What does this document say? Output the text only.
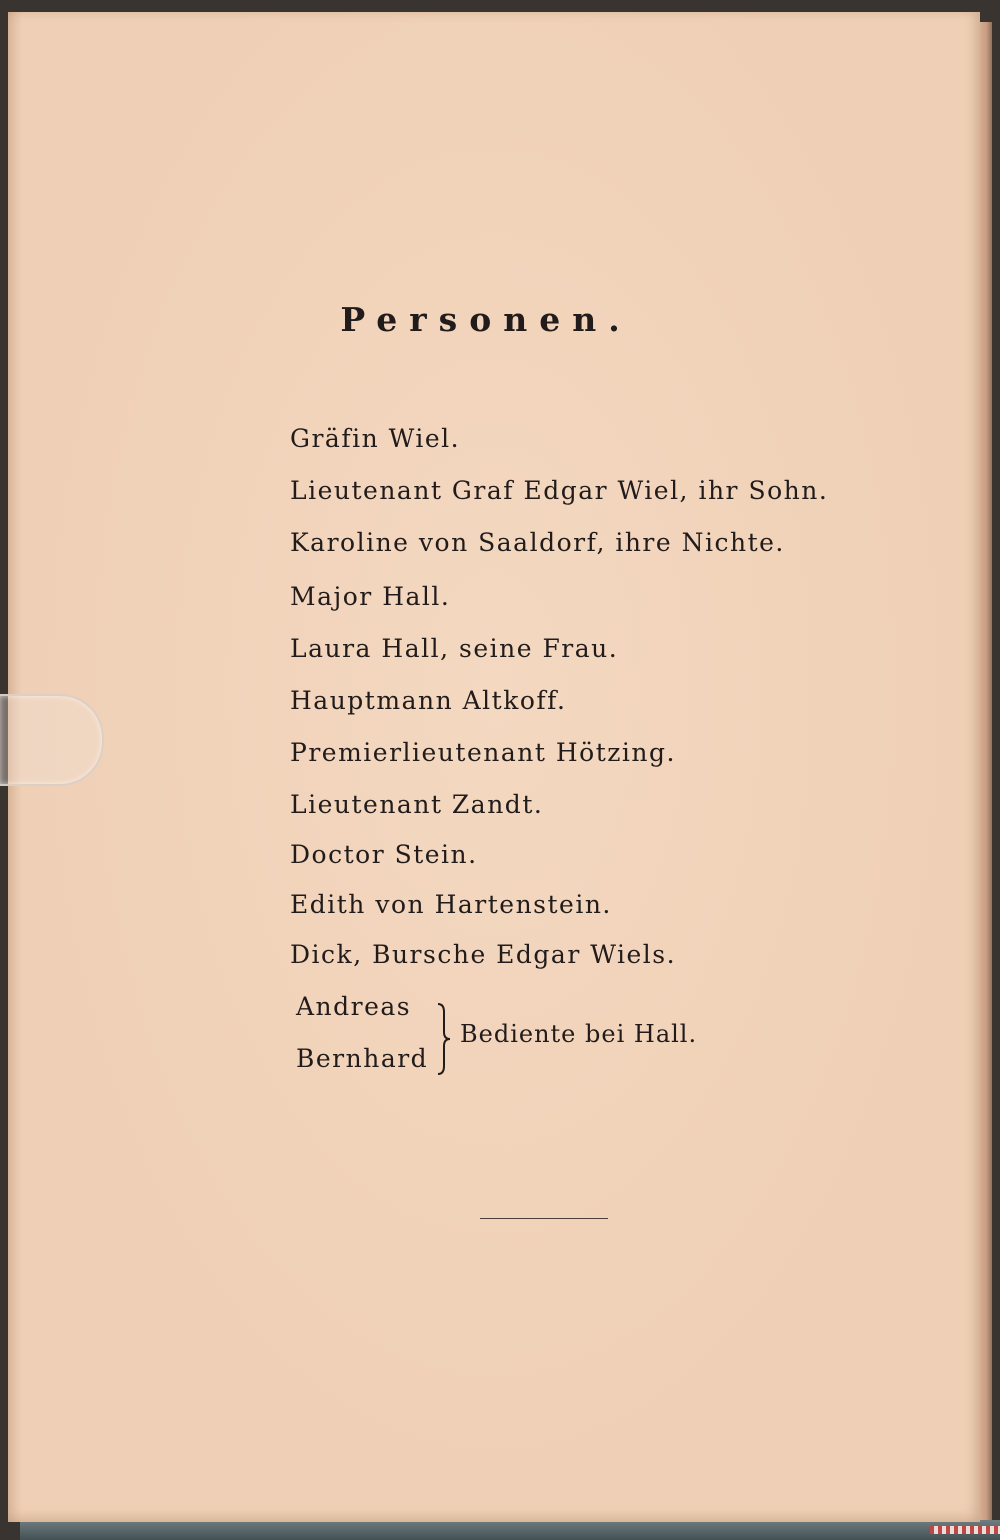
Personen.
Gräfin Wiel.
Lieutenant Graf Edgar Wiel, ihr Sohn.
Karoline von Saaldorf, ihre Nichte.
Major Hall.
Laura Hall, seine Frau.
Hauptmann Altkoff.
Premierlieutenant Hötzing.
Lieutenant Zandt.
Doctor Stein.
Edith von Hartenstein.
Dick, Bursche Edgar Wiels.
Andreas
Bernhard
Bediente bei Hall.
